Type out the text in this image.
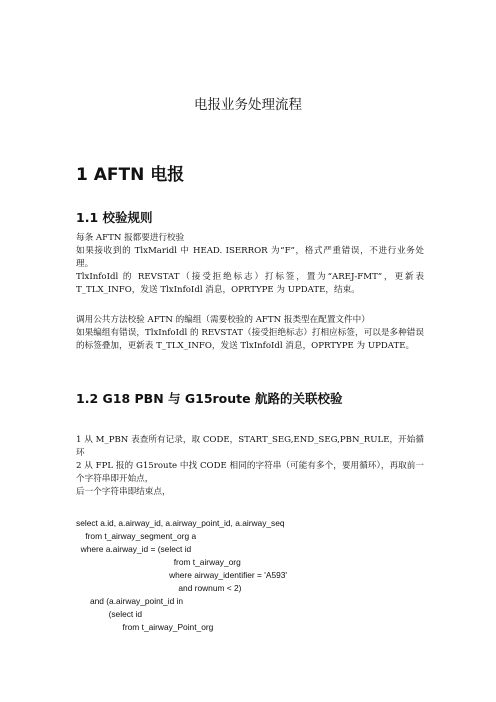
电报业务处理流程
1 AFTN 电报
1.1 校验规则

每条 AFTN 报都要进行校验

如果接收到的 TlxMaridl 中 HEAD. ISERROR 为“F”，格式严重错误，不进行业务处理。

TlxInfoIdl 的 REVSTAT（接受拒绝标志）打标签，置为“AREJ-FMT”，更新表 T_TLX_INFO，发送 TlxInfoIdl 消息，OPRTYPE 为 UPDATE，结束。

调用公共方法校验 AFTN 的编组（需要校验的 AFTN 报类型在配置文件中）

如果编组有错误，TlxInfoIdl 的 REVSTAT（接受拒绝标志）打相应标签，可以是多种错误的标签叠加，更新表 T_TLX_INFO，发送 TlxInfoIdl 消息，OPRTYPE 为 UPDATE。

1.2 G18 PBN 与 G15route 航路的关联校验

1 从 M_PBN 表查所有记录，取 CODE，START_SEG,END_SEG,PBN_RULE，开始循环

2 从 FPL 报的 G15route 中找 CODE 相同的字符串（可能有多个，要用循环），再取前一个字符串即开始点，

后一个字符串即结束点，

select a.id, a.airway_id, a.airway_point_id, a.airway_seq
from t_airway_segment_org a
where a.airway_id = (select id
from t_airway_org
where airway_identifier = 'A593'
and rownum < 2)
and (a.airway_point_id in
(select id
from t_airway_Point_org
